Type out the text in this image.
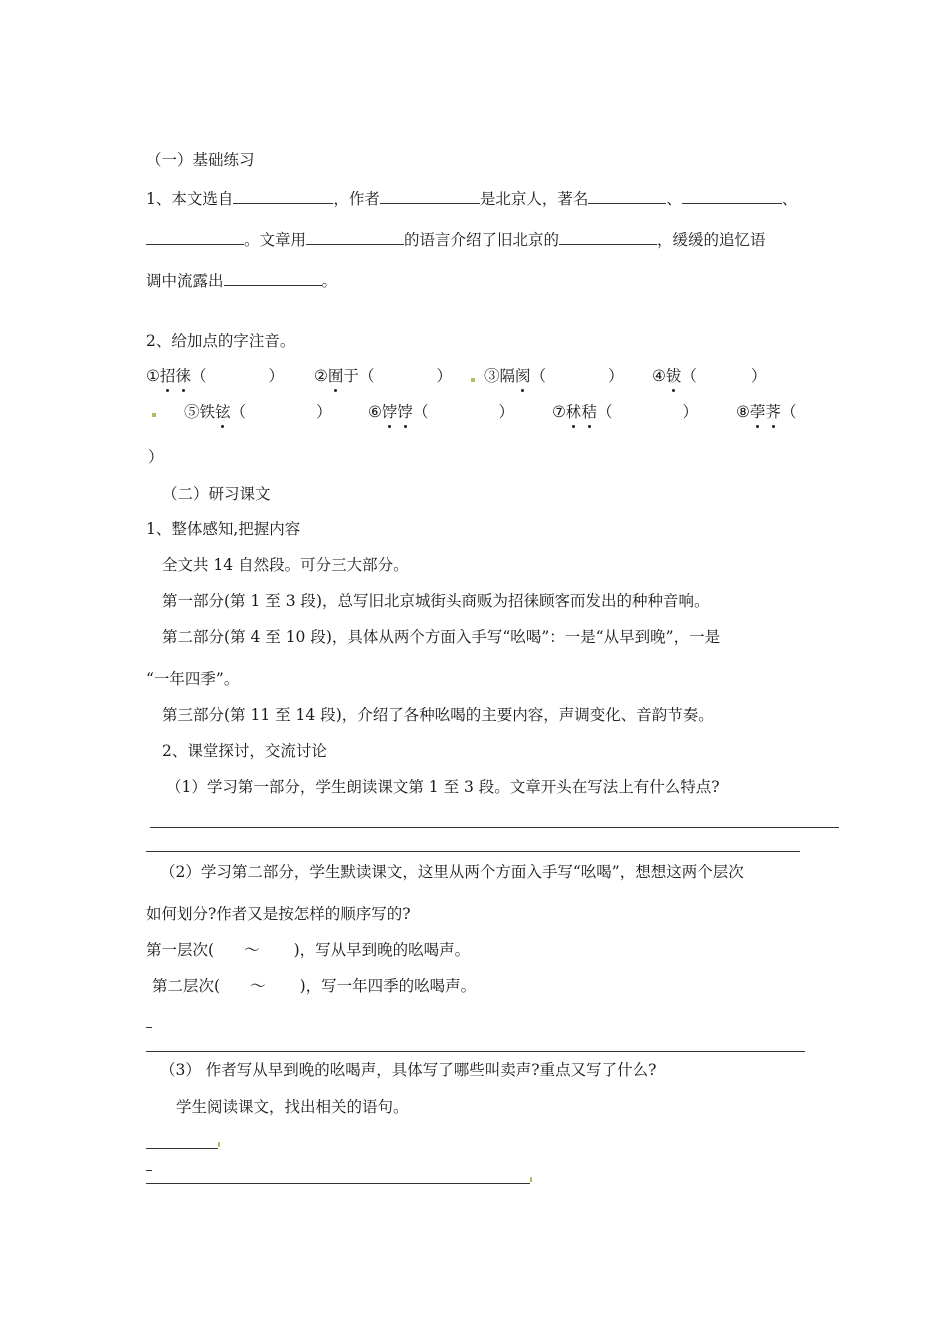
（一）基础练习
1、本文选自	，作者	是北京人，著名	、	、
。文章用	的语言介绍了旧北京的	，缓缓的追忆语
调中流露出	。
2、给加点的字注音。
①招徕（	） ②囿于（	） ③隔阂（	） ④钹（	）
⑤铁铉（	） ⑥饽饽（	） ⑦秫秸（	） ⑧荸荠（
）
（二）研习课文
1、整体感知,把握内容
全文共 14 自然段。可分三大部分。
第一部分(第 1 至 3 段)，总写旧北京城街头商贩为招徕顾客而发出的种种音响。
第二部分(第 4 至 10 段)，具体从两个方面入手写“吆喝”：一是“从早到晚”，一是
“一年四季”。
第三部分(第 11 至 14 段)，介绍了各种吆喝的主要内容，声调变化、音韵节奏。
2、课堂探讨，交流讨论
（1）学习第一部分，学生朗读课文第 1 至 3 段。文章开头在写法上有什么特点?
（2）学习第二部分，学生默读课文，这里从两个方面入手写“吆喝”，想想这两个层次
如何划分?作者又是按怎样的顺序写的?
第一层次( ～ )，写从早到晚的吆喝声。
第二层次( ～ )，写一年四季的吆喝声。
（3） 作者写从早到晚的吆喝声，具体写了哪些叫卖声?重点又写了什么?
学生阅读课文，找出相关的语句。
